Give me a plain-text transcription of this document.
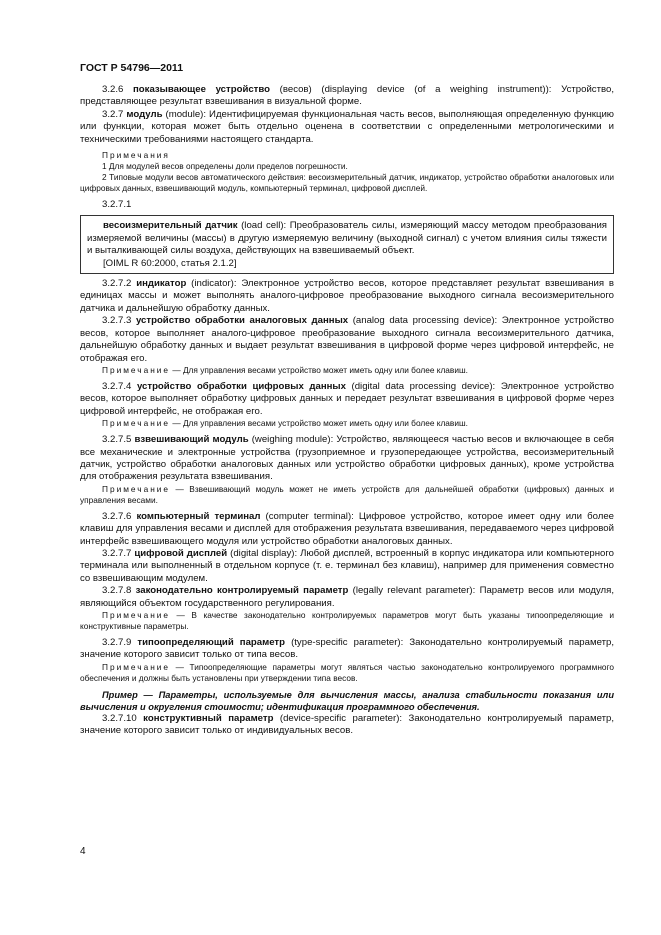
ГОСТ Р 54796—2011

3.2.6 показывающее устройство (весов) (displaying device (of a weighing instrument)): Устройство, представляющее результат взвешивания в визуальной форме.

3.2.7 модуль (module): Идентифицируемая функциональная часть весов, выполняющая определенную функцию или функции, которая может быть отдельно оценена в соответствии с определенными метрологическими и техническими требованиями настоящего стандарта.

Примечания

1 Для модулей весов определены доли пределов погрешности.

2 Типовые модули весов автоматического действия: весоизмерительный датчик, индикатор, устройство обработки аналоговых или цифровых данных, взвешивающий модуль, компьютерный терминал, цифровой дисплей.

3.2.7.1

весоизмерительный датчик (load cell): Преобразователь силы, измеряющий массу методом преобразования измеряемой величины (массы) в другую измеряемую величину (выходной сигнал) с учетом влияния силы тяжести и выталкивающей силы воздуха, действующих на взвешиваемый объект.

[OIML R 60:2000, статья 2.1.2]

3.2.7.2 индикатор (indicator): Электронное устройство весов, которое представляет результат взвешивания в единицах массы и может выполнять аналого-цифровое преобразование выходного сигнала весоизмерительного датчика и дальнейшую обработку данных.

3.2.7.3 устройство обработки аналоговых данных (analog data processing device): Электронное устройство весов, которое выполняет аналого-цифровое преобразование выходного сигнала весоизмерительного датчика, дальнейшую обработку данных и выдает результат взвешивания в цифровой форме через цифровой интерфейс, не отображая его.

Примечание — Для управления весами устройство может иметь одну или более клавиш.

3.2.7.4 устройство обработки цифровых данных (digital data processing device): Электронное устройство весов, которое выполняет обработку цифровых данных и передает результат взвешивания в цифровой форме через цифровой интерфейс, не отображая его.

Примечание — Для управления весами устройство может иметь одну или более клавиш.

3.2.7.5 взвешивающий модуль (weighing module): Устройство, являющееся частью весов и включающее в себя все механические и электронные устройства (грузоприемное и грузопередающее устройства, весоизмерительный датчик, устройство обработки аналоговых данных или устройство обработки цифровых данных), кроме устройства для отображения результата взвешивания.

Примечание — Взвешивающий модуль может не иметь устройств для дальнейшей обработки (цифровых) данных и управления весами.

3.2.7.6 компьютерный терминал (computer terminal): Цифровое устройство, которое имеет одну или более клавиш для управления весами и дисплей для отображения результата взвешивания, передаваемого через цифровой интерфейс взвешивающего модуля или устройство обработки аналоговых данных.

3.2.7.7 цифровой дисплей (digital display): Любой дисплей, встроенный в корпус индикатора или компьютерного терминала или выполненный в отдельном корпусе (т. е. терминал без клавиш), например для применения совместно со взвешивающим модулем.

3.2.7.8 законодательно контролируемый параметр (legally relevant parameter): Параметр весов или модуля, являющийся объектом государственного регулирования.

Примечание — В качестве законодательно контролируемых параметров могут быть указаны типоопределяющие и конструктивные параметры.

3.2.7.9 типоопределяющий параметр (type-specific parameter): Законодательно контролируемый параметр, значение которого зависит только от типа весов.

Примечание — Типоопределяющие параметры могут являться частью законодательно контролируемого программного обеспечения и должны быть установлены при утверждении типа весов.

Пример — Параметры, используемые для вычисления массы, анализа стабильности показания или вычисления и округления стоимости; идентификация программного обеспечения.

3.2.7.10 конструктивный параметр (device-specific parameter): Законодательно контролируемый параметр, значение которого зависит только от индивидуальных весов.

4
